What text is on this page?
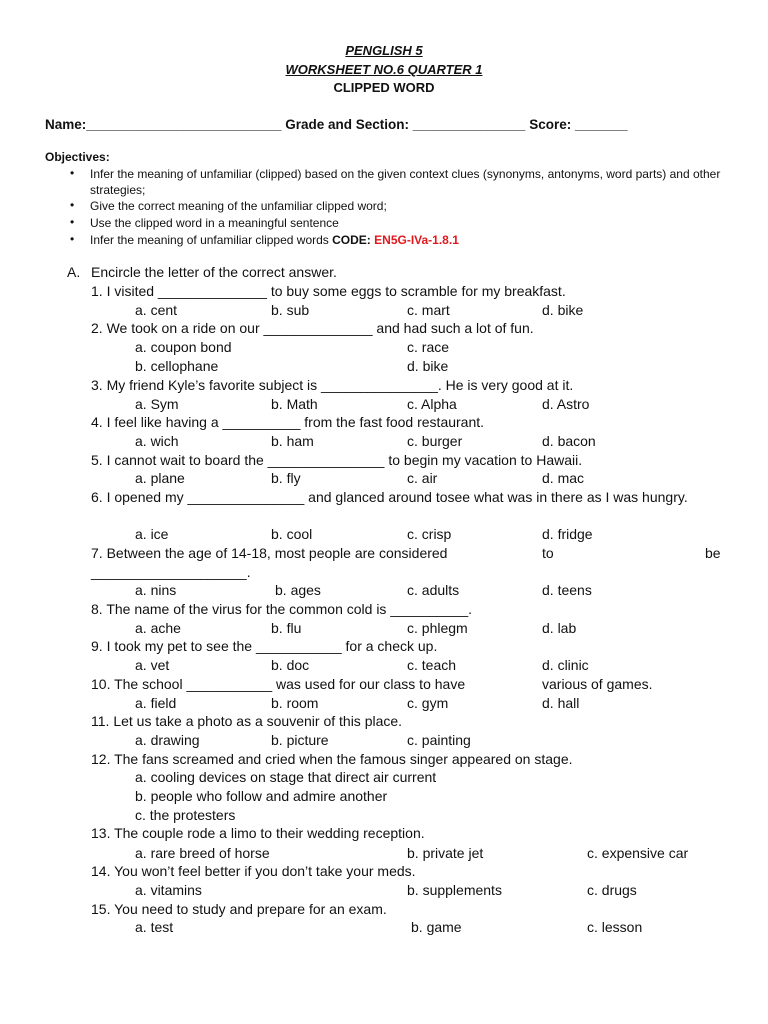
PENGLISH 5
WORKSHEET NO.6 QUARTER 1
CLIPPED WORD
Name:__________________________ Grade and Section: _______________ Score: _______
Objectives:
• Infer the meaning of unfamiliar (clipped) based on the given context clues (synonyms, antonyms, word parts) and other strategies;
• Give the correct meaning of the unfamiliar clipped word;
• Use the clipped word in a meaningful sentence
• Infer the meaning of unfamiliar clipped words CODE: EN5G-IVa-1.8.1
A. Encircle the letter of the correct answer.
1. I visited ______________ to buy some eggs to scramble for my breakfast.
a. cent	b. sub	c. mart	d. bike
2. We took on a ride on our ______________ and had such a lot of fun.
a. coupon bond	c. race
b. cellophane	d. bike
3. My friend Kyle’s favorite subject is _______________. He is very good at it.
a. Sym	b. Math	c. Alpha	d. Astro
4. I feel like having a __________ from the fast food restaurant.
a. wich	b. ham	c. burger	d. bacon
5. I cannot wait to board the _______________ to begin my vacation to Hawaii.
a. plane	b. fly	c. air	d. mac
6. I opened my _______________ and glanced around tosee what was in there as I was hungry.
a. ice	b. cool	c. crisp	d. fridge
7. Between the age of 14-18, most people are considered	to	be
____________________.
a. nins	b. ages	c. adults	d. teens
8. The name of the virus for the common cold is __________.
a. ache	b. flu	c. phlegm	d. lab
9. I took my pet to see the ___________ for a check up.
a. vet	b. doc	c. teach	d. clinic
10. The school ___________ was used for our class to have	various of games.
a. field	b. room	c. gym	d. hall
11. Let us take a photo as a souvenir of this place.
a. drawing	b. picture	c. painting
12. The fans screamed and cried when the famous singer appeared on stage.
a. cooling devices on stage that direct air current
b. people who follow and admire another
c. the protesters
13. The couple rode a limo to their wedding reception.
a. rare breed of horse	b. private jet	c. expensive car
14. You won’t feel better if you don’t take your meds.
a. vitamins	b. supplements	c. drugs
15. You need to study and prepare for an exam.
a. test	b. game	c. lesson
